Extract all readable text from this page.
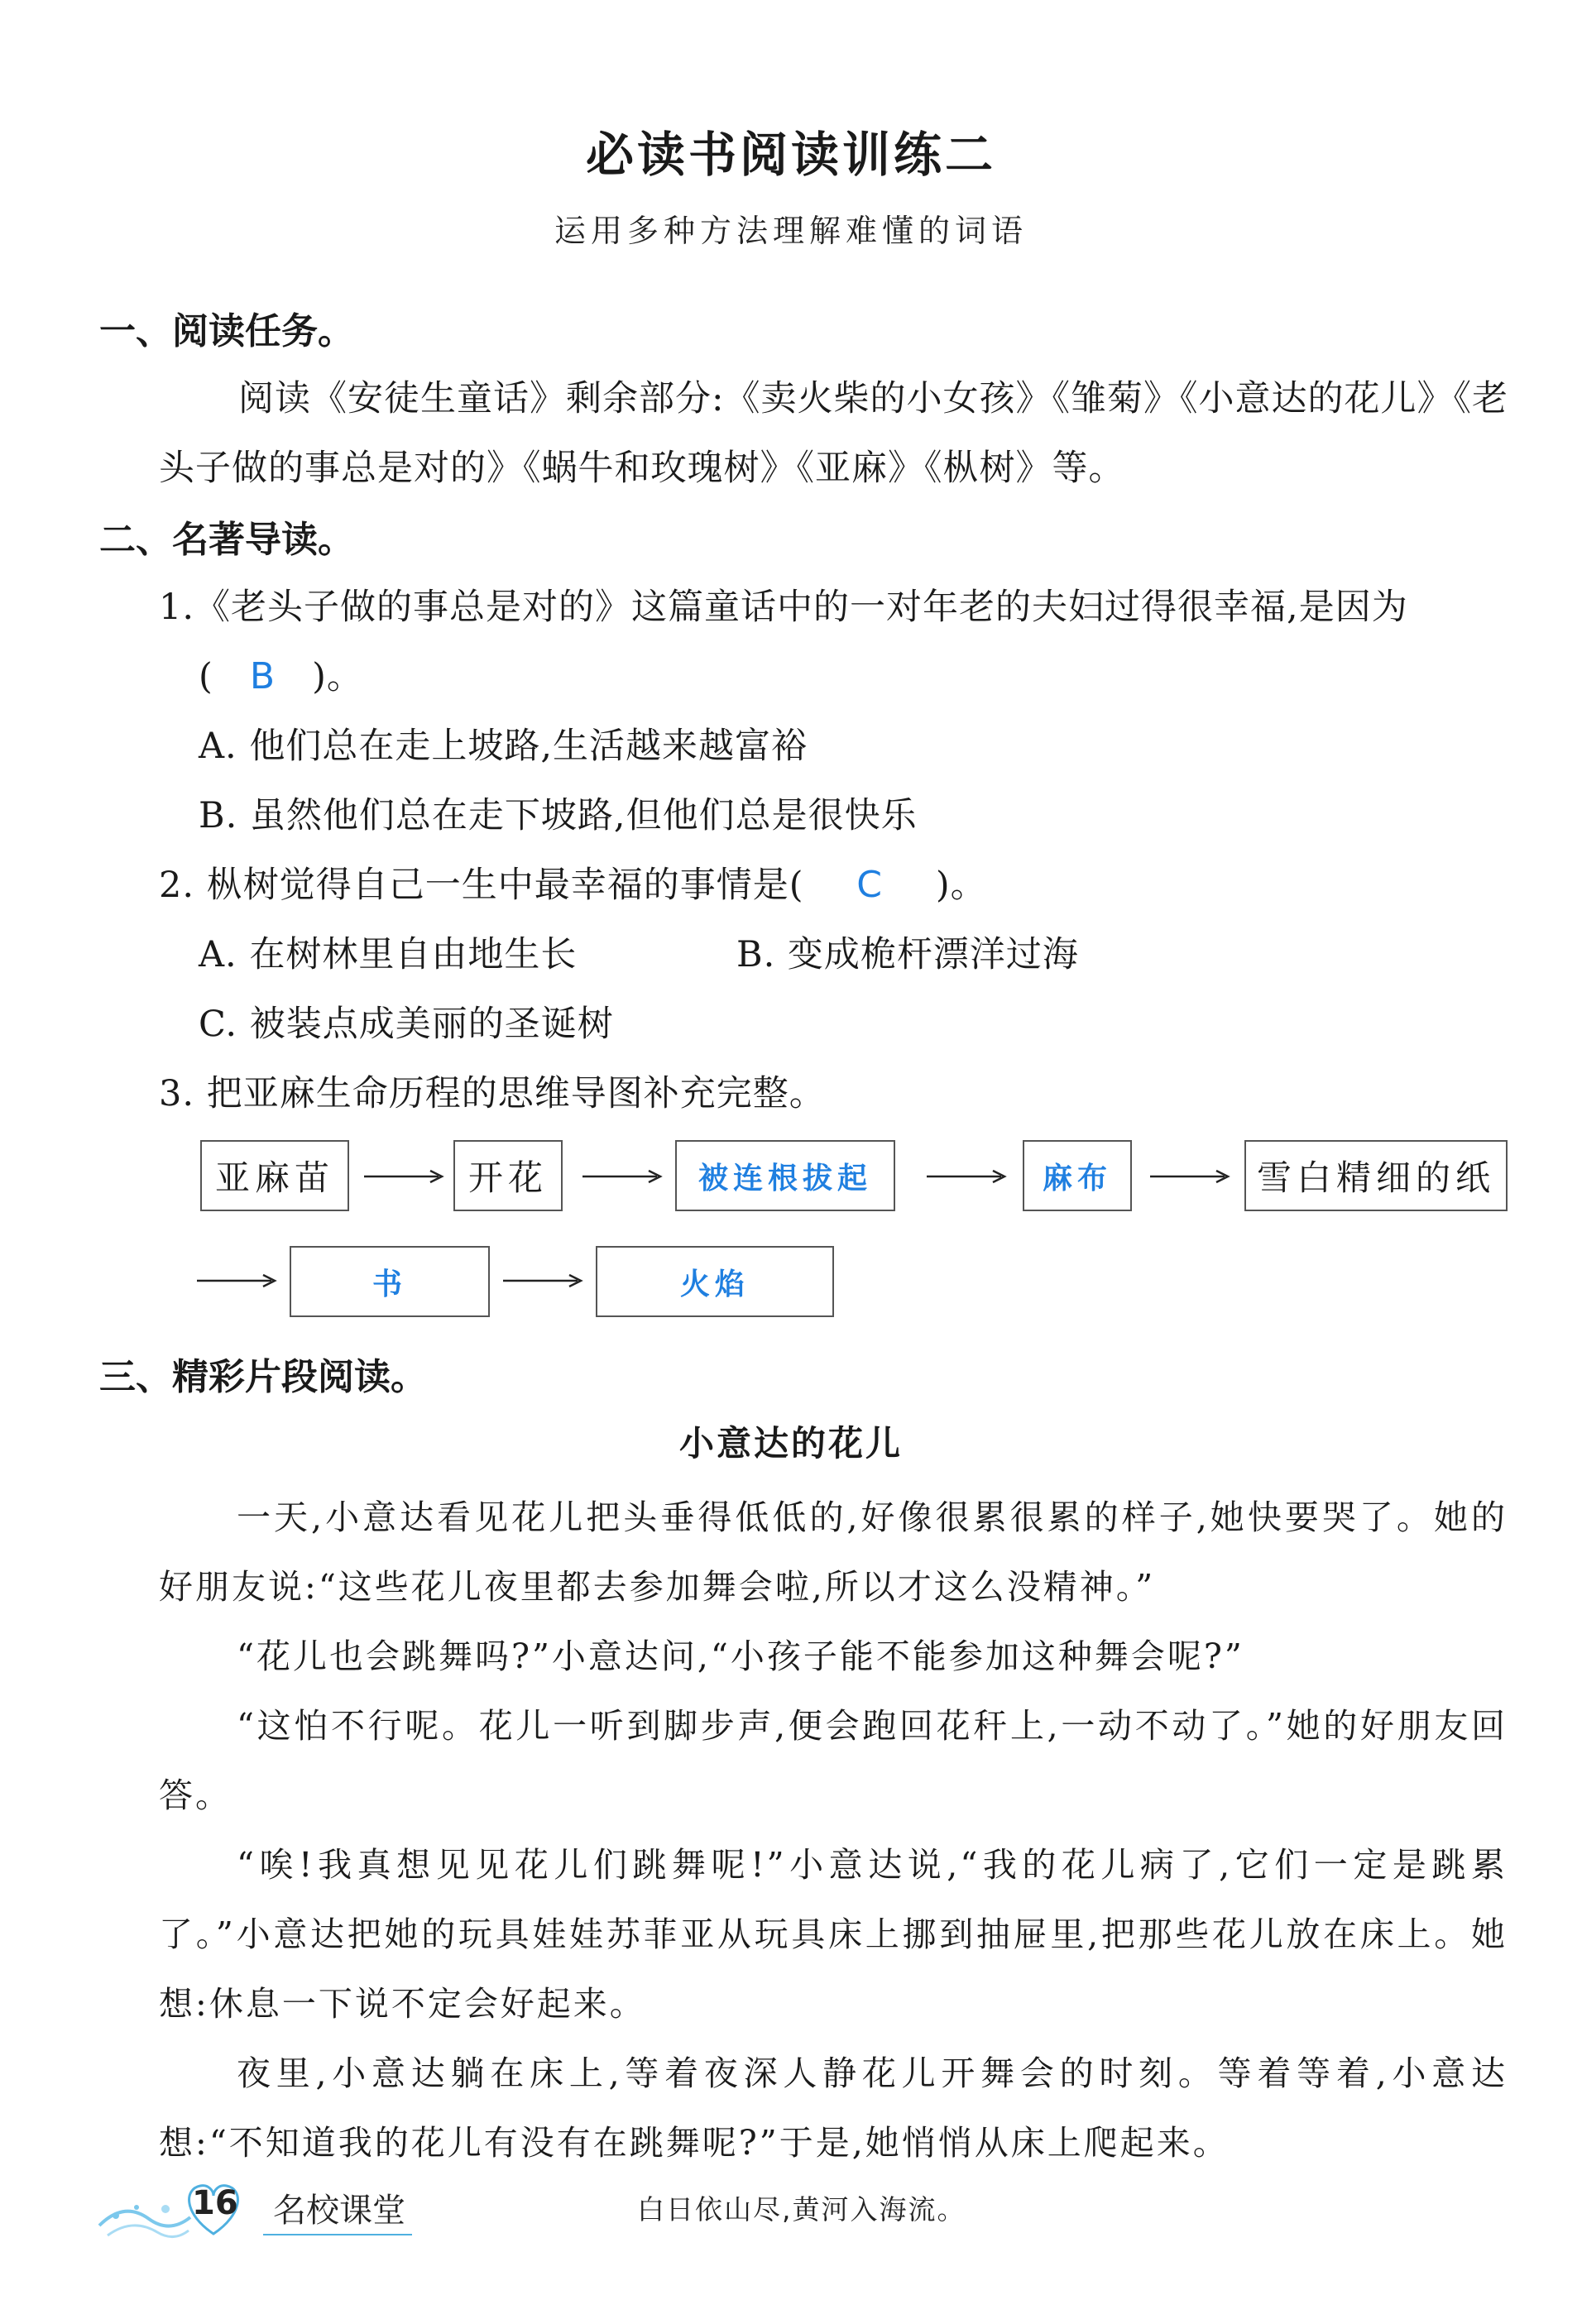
必读书阅读训练二
运用多种方法理解难懂的词语
一、阅读任务。
阅读《安徒生童话》剩余部分:《卖火柴的小女孩》《雏菊》《小意达的花儿》《老
头子做的事总是对的》《蜗牛和玫瑰树》《亚麻》《枞树》等。
二、名著导读。
1.《老头子做的事总是对的》这篇童话中的一对年老的夫妇过得很幸福,是因为
( B )。
A. 他们总在走上坡路,生活越来越富裕
B. 虽然他们总在走下坡路,但他们总是很快乐
2. 枞树觉得自己一生中最幸福的事情是( C )。
A. 在树林里自由地生长	B. 变成桅杆漂洋过海
C. 被装点成美丽的圣诞树
3. 把亚麻生命历程的思维导图补充完整。
亚麻苗	开花	被连根拔起	麻布	雪白精细的纸
书	火焰
三、精彩片段阅读。
小意达的花儿

一天,小意达看见花儿把头垂得低低的,好像很累很累的样子,她快要哭了。她的好朋友说:“这些花儿夜里都去参加舞会啦,所以才这么没精神。”

“花儿也会跳舞吗?”小意达问,“小孩子能不能参加这种舞会呢?”

“这怕不行呢。花儿一听到脚步声,便会跑回花秆上,一动不动了。”她的好朋友回答。

“唉!我真想见见花儿们跳舞呢!”小意达说,“我的花儿病了,它们一定是跳累了。”小意达把她的玩具娃娃苏菲亚从玩具床上挪到抽屉里,把那些花儿放在床上。她想:休息一下说不定会好起来。

夜里,小意达躺在床上,等着夜深人静花儿开舞会的时刻。等着等着,小意达想:“不知道我的花儿有没有在跳舞呢?”于是,她悄悄从床上爬起来。

16 名校课堂	白日依山尽,黄河入海流。
